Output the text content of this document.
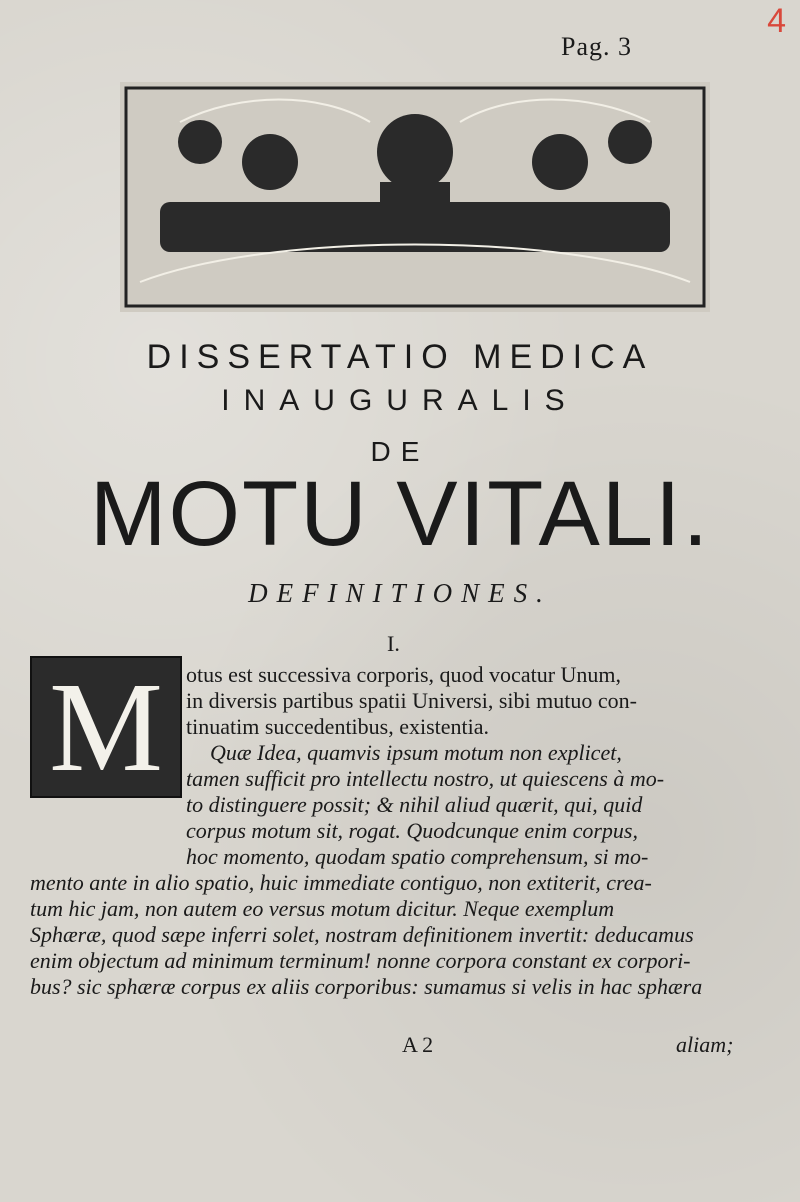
4
Pag. 3
DISSERTATIO MEDICA
INAUGURALIS
DE
MOTU VITALI.
DEFINITIONES.
I.
M	otus est successiva corporis, quod vocatur Unum,
in diversis partibus spatii Universi, sibi mutuo con-
tinuatim succedentibus, existentia.
Quæ Idea, quamvis ipsum motum non explicet,
tamen sufficit pro intellectu nostro, ut quiescens à mo-
to distinguere possit; & nihil aliud quærit, qui, quid
corpus motum sit, rogat. Quodcunque enim corpus,
hoc momento, quodam spatio comprehensum, si mo-
mento ante in alio spatio, huic immediate contiguo, non extiterit, crea-
tum hic jam, non autem eo versus motum dicitur. Neque exemplum
Sphæræ, quod sæpe inferri solet, nostram definitionem invertit: deducamus
enim objectum ad minimum terminum! nonne corpora constant ex corpori-
bus? sic sphæræ corpus ex aliis corporibus: sumamus si velis in hac sphæra
A 2	aliam;
